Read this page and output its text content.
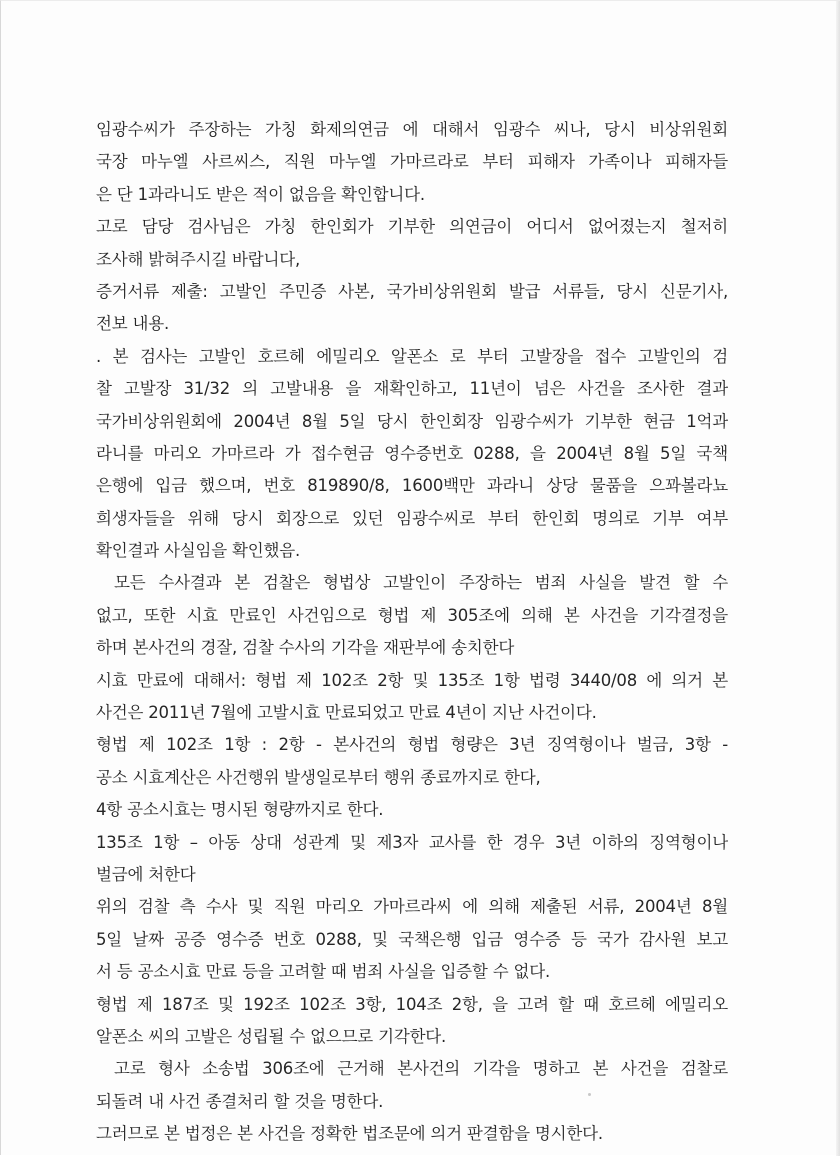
임광수씨가 주장하는 가칭 화제의연금 에 대해서 임광수 씨나, 당시 비상위원회
국장 마누엘 사르씨스, 직원 마누엘 가마르라로 부터 피해자 가족이나 피해자들
은 단 1과라니도 받은 적이 없음을 확인합니다.
고로 담당 검사님은 가칭 한인회가 기부한 의연금이 어디서 없어졌는지 철저히
조사해 밝혀주시길 바랍니다,
증거서류 제출: 고발인 주민증 사본, 국가비상위원회 발급 서류들, 당시 신문기사,
전보 내용.
. 본 검사는 고발인 호르헤 에밀리오 알폰소 로 부터 고발장을 접수 고발인의 검
찰 고발장 31/32 의 고발내용 을 재확인하고, 11년이 넘은 사건을 조사한 결과
국가비상위원회에 2004년 8월 5일 당시 한인회장 임광수씨가 기부한 현금 1억과
라니를 마리오 가마르라 가 접수현금 영수증번호 0288, 을 2004년 8월 5일 국책
은행에 입금 했으며, 번호 819890/8, 1600백만 과라니 상당 물품을 으꽈볼라뇨
희생자들을 위해 당시 회장으로 있던 임광수씨로 부터 한인회 명의로 기부 여부
확인결과 사실임을 확인했음.
모든 수사결과 본 검찰은 형법상 고발인이 주장하는 범죄 사실을 발견 할 수
없고, 또한 시효 만료인 사건임으로 형법 제 305조에 의해 본 사건을 기각결정을
하며 본사건의 경잘, 검찰 수사의 기각을 재판부에 송치한다
시효 만료에 대해서: 형법 제 102조 2항 및 135조 1항 법령 3440/08 에 의거 본
사건은 2011년 7월에 고발시효 만료되었고 만료 4년이 지난 사건이다.
형법 제 102조 1항 : 2항 - 본사건의 형법 형량은 3년 징역형이나 벌금, 3항 -
공소 시효계산은 사건행위 발생일로부터 행위 종료까지로 한다,
4항 공소시효는 명시된 형량까지로 한다.
135조 1항 – 아동 상대 성관계 및 제3자 교사를 한 경우 3년 이하의 징역형이나
벌금에 처한다
위의 검찰 측 수사 및 직원 마리오 가마르라씨 에 의해 제출된 서류, 2004년 8월
5일 날짜 공증 영수증 번호 0288, 및 국책은행 입금 영수증 등 국가 감사원 보고
서 등 공소시효 만료 등을 고려할 때 범죄 사실을 입증할 수 없다.
형법 제 187조 및 192조 102조 3항, 104조 2항, 을 고려 할 때 호르헤 에밀리오
알폰소 씨의 고발은 성립될 수 없으므로 기각한다.
고로 형사 소송법 306조에 근거해 본사건의 기각을 명하고 본 사건을 검찰로
되돌려 내 사건 종결처리 할 것을 명한다.
그러므로 본 법정은 본 사건을 정확한 법조문에 의거 판결함을 명시한다.
